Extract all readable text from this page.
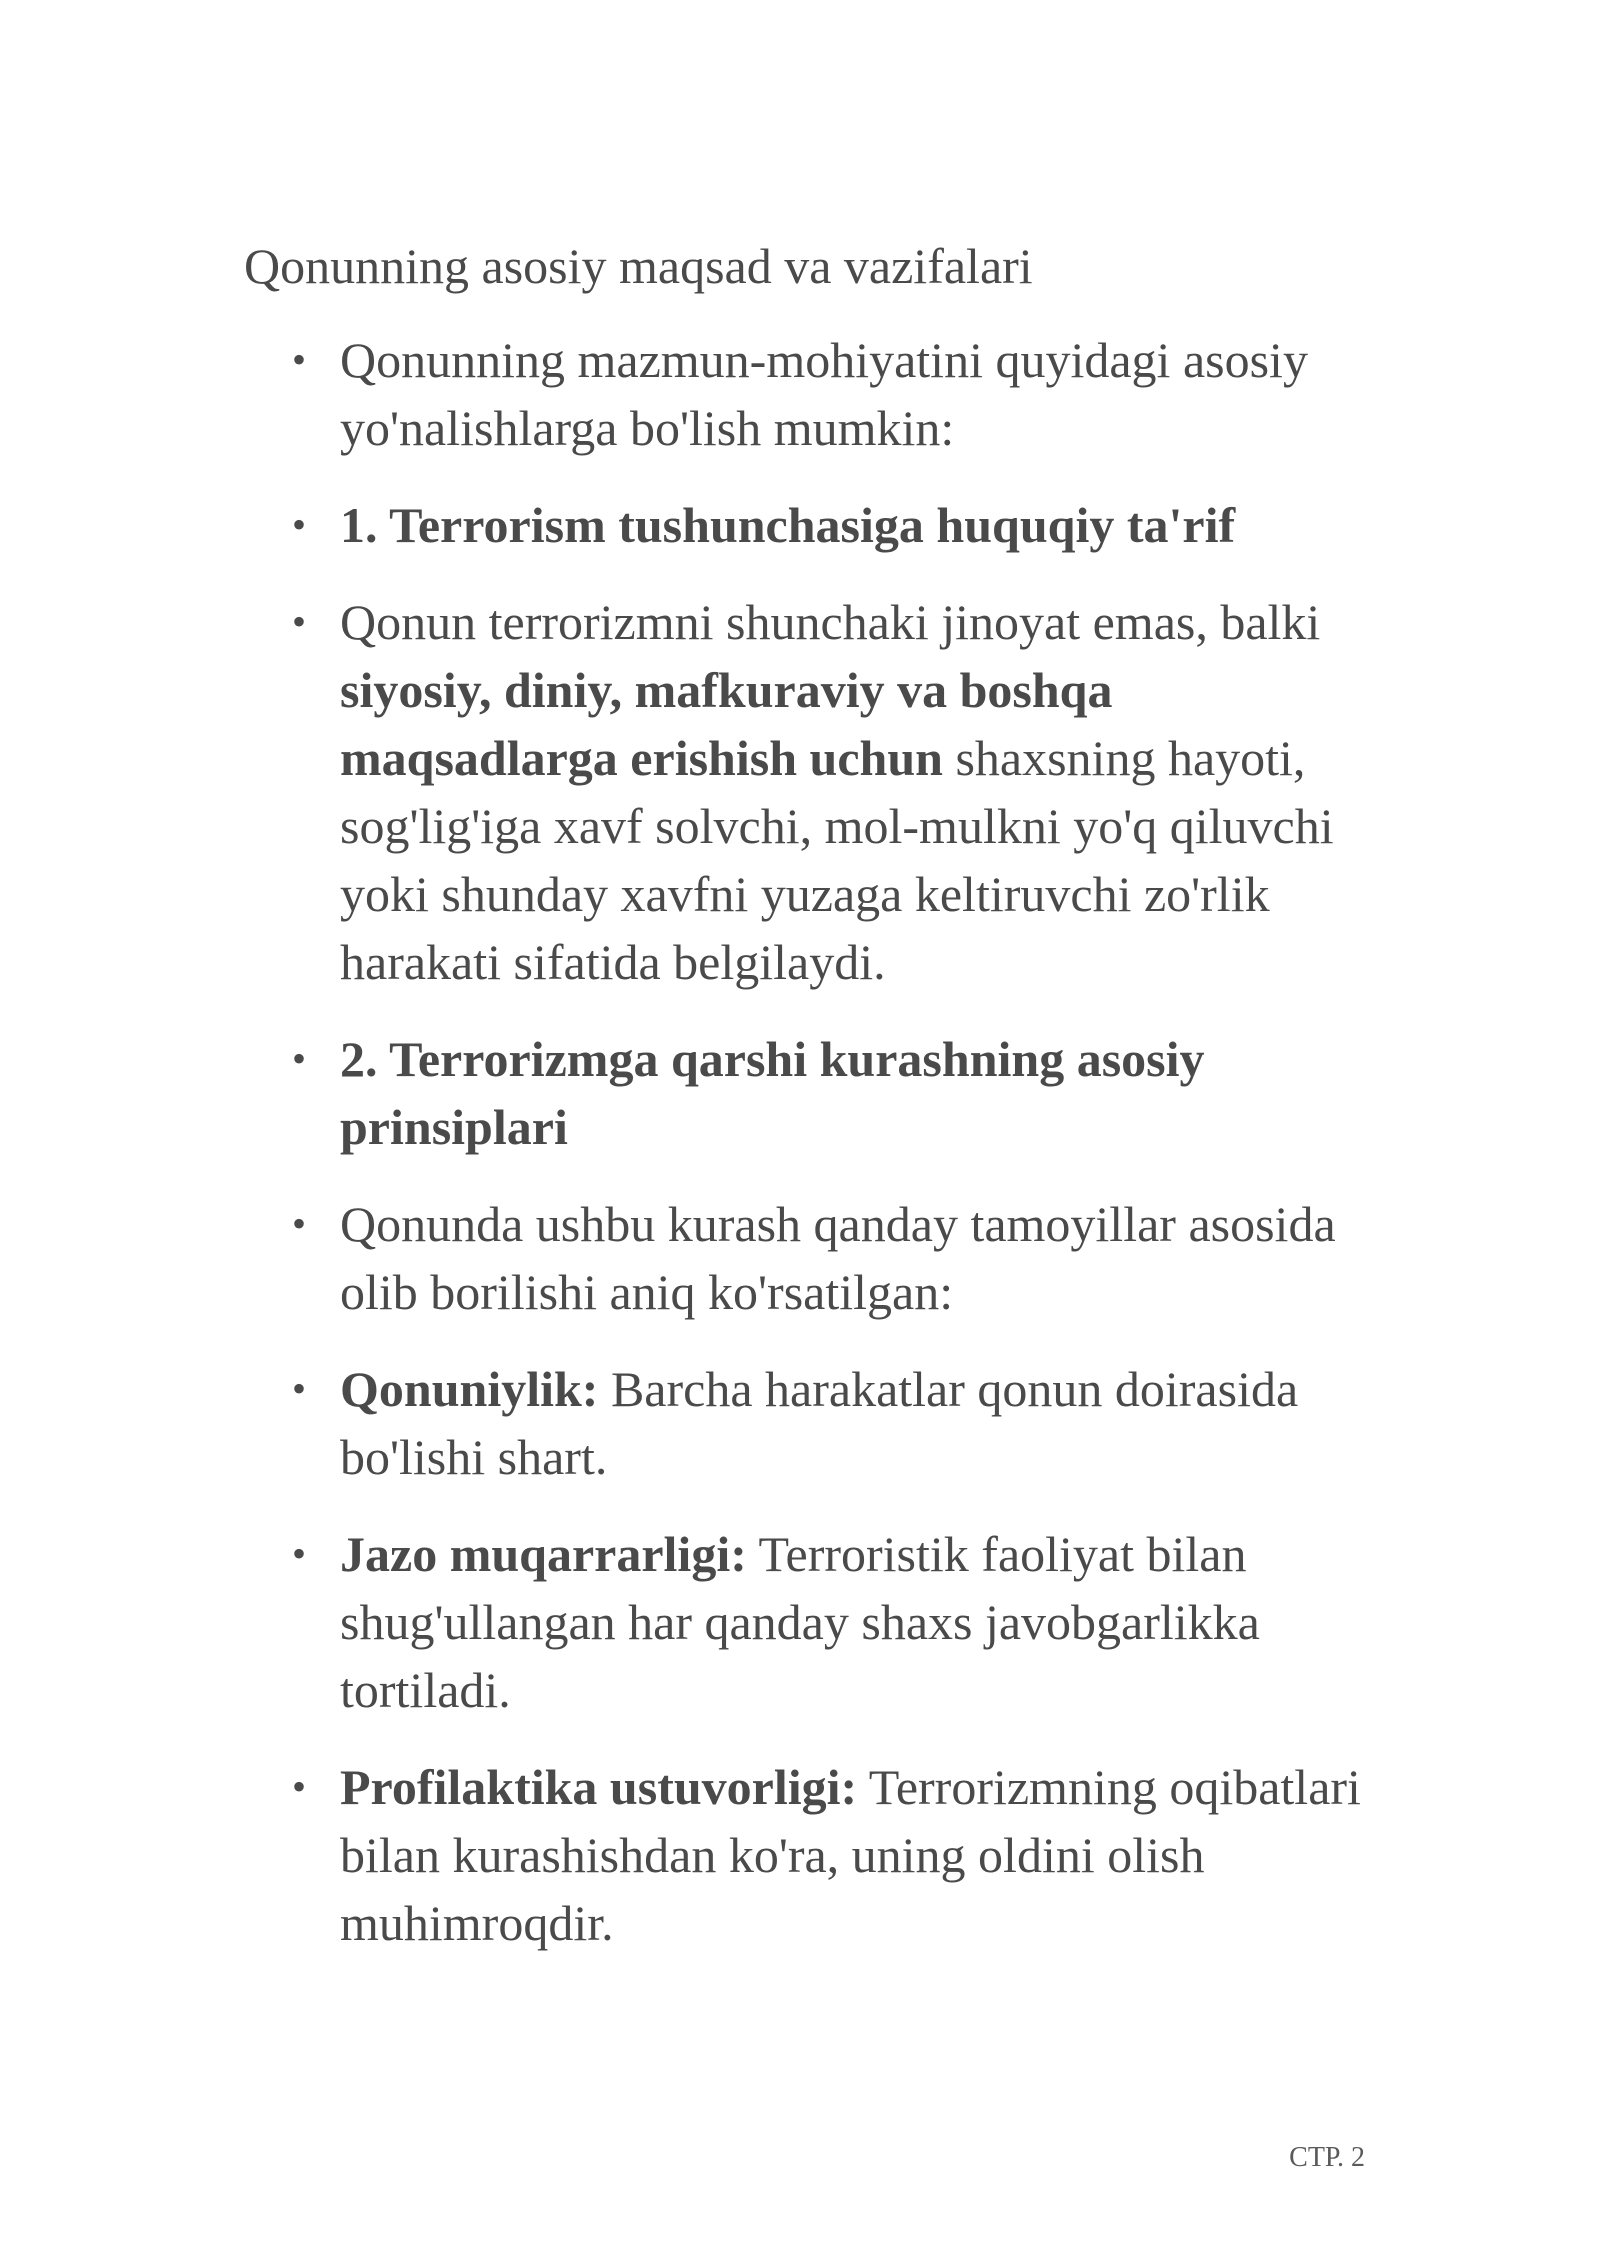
Qonunning asosiy maqsad va vazifalari
• Qonunning mazmun-mohiyatini quyidagi asosiy yo'nalishlarga bo'lish mumkin:
• 1. Terrorism tushunchasiga huquqiy ta'rif
• Qonun terrorizmni shunchaki jinoyat emas, balki siyosiy, diniy, mafkuraviy va boshqa maqsadlarga erishish uchun shaxsning hayoti, sog'lig'iga xavf solvchi, mol-mulkni yo'q qiluvchi yoki shunday xavfni yuzaga keltiruvchi zo'rlik harakati sifatida belgilaydi.
• 2. Terrorizmga qarshi kurashning asosiy prinsiplari
• Qonunda ushbu kurash qanday tamoyillar asosida olib borilishi aniq ko'rsatilgan:
• Qonuniylik: Barcha harakatlar qonun doirasida bo'lishi shart.
• Jazo muqarrarligi: Terroristik faoliyat bilan shug'ullangan har qanday shaxs javobgarlikka tortiladi.
• Profilaktika ustuvorligi: Terrorizmning oqibatlari bilan kurashishdan ko'ra, uning oldini olish muhimroqdir.
СТР. 2
